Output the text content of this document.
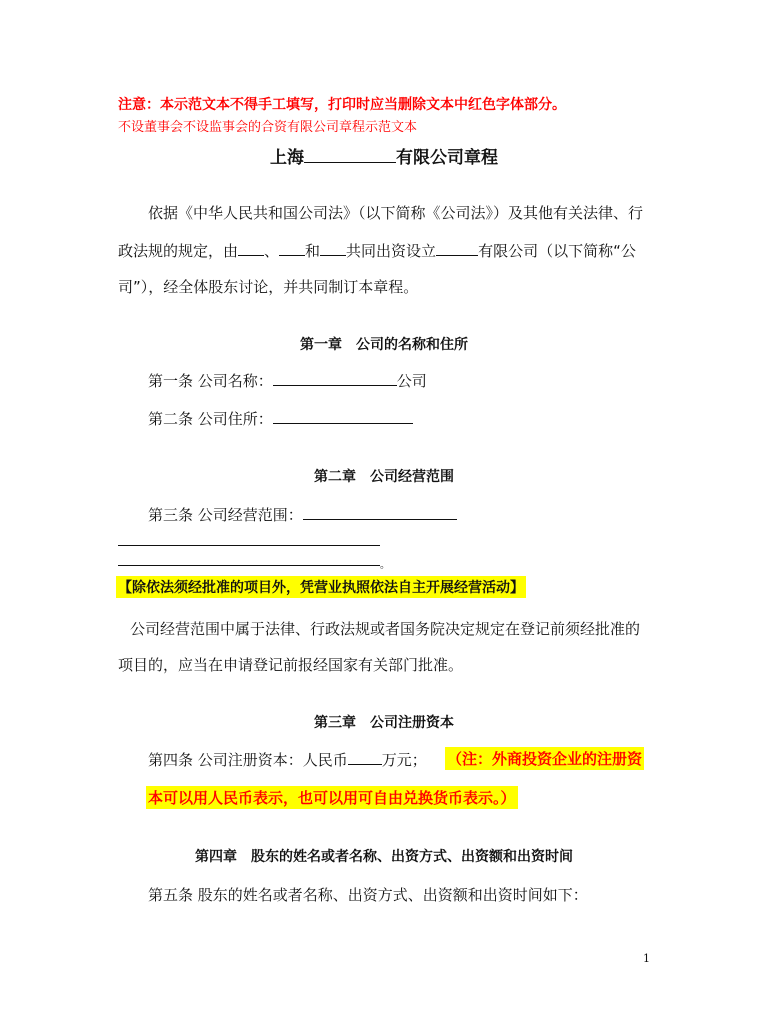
注意：本示范文本不得手工填写，打印时应当删除文本中红色字体部分。
不设董事会不设监事会的合资有限公司章程示范文本
上海	有限公司章程
依据《中华人民共和国公司法》（以下简称《公司法》）及其他有关法律、行
政法规的规定，由 、 和 共同出资设立	有限公司（以下简称“公
司”），经全体股东讨论，并共同制订本章程。
第一章　公司的名称和住所
第一条 公司名称：	公司
第二条 公司住所：
第二章　公司经营范围
第三条 公司经营范围：
。
【除依法须经批准的项目外，凭营业执照依法自主开展经营活动】
公司经营范围中属于法律、行政法规或者国务院决定规定在登记前须经批准的
项目的，应当在申请登记前报经国家有关部门批准。
第三章　公司注册资本
第四条 公司注册资本：人民币 万元； （注：外商投资企业的注册资
本可以用人民币表示，也可以用可自由兑换货币表示。）
第四章　股东的姓名或者名称、出资方式、出资额和出资时间
第五条 股东的姓名或者名称、出资方式、出资额和出资时间如下：
1
